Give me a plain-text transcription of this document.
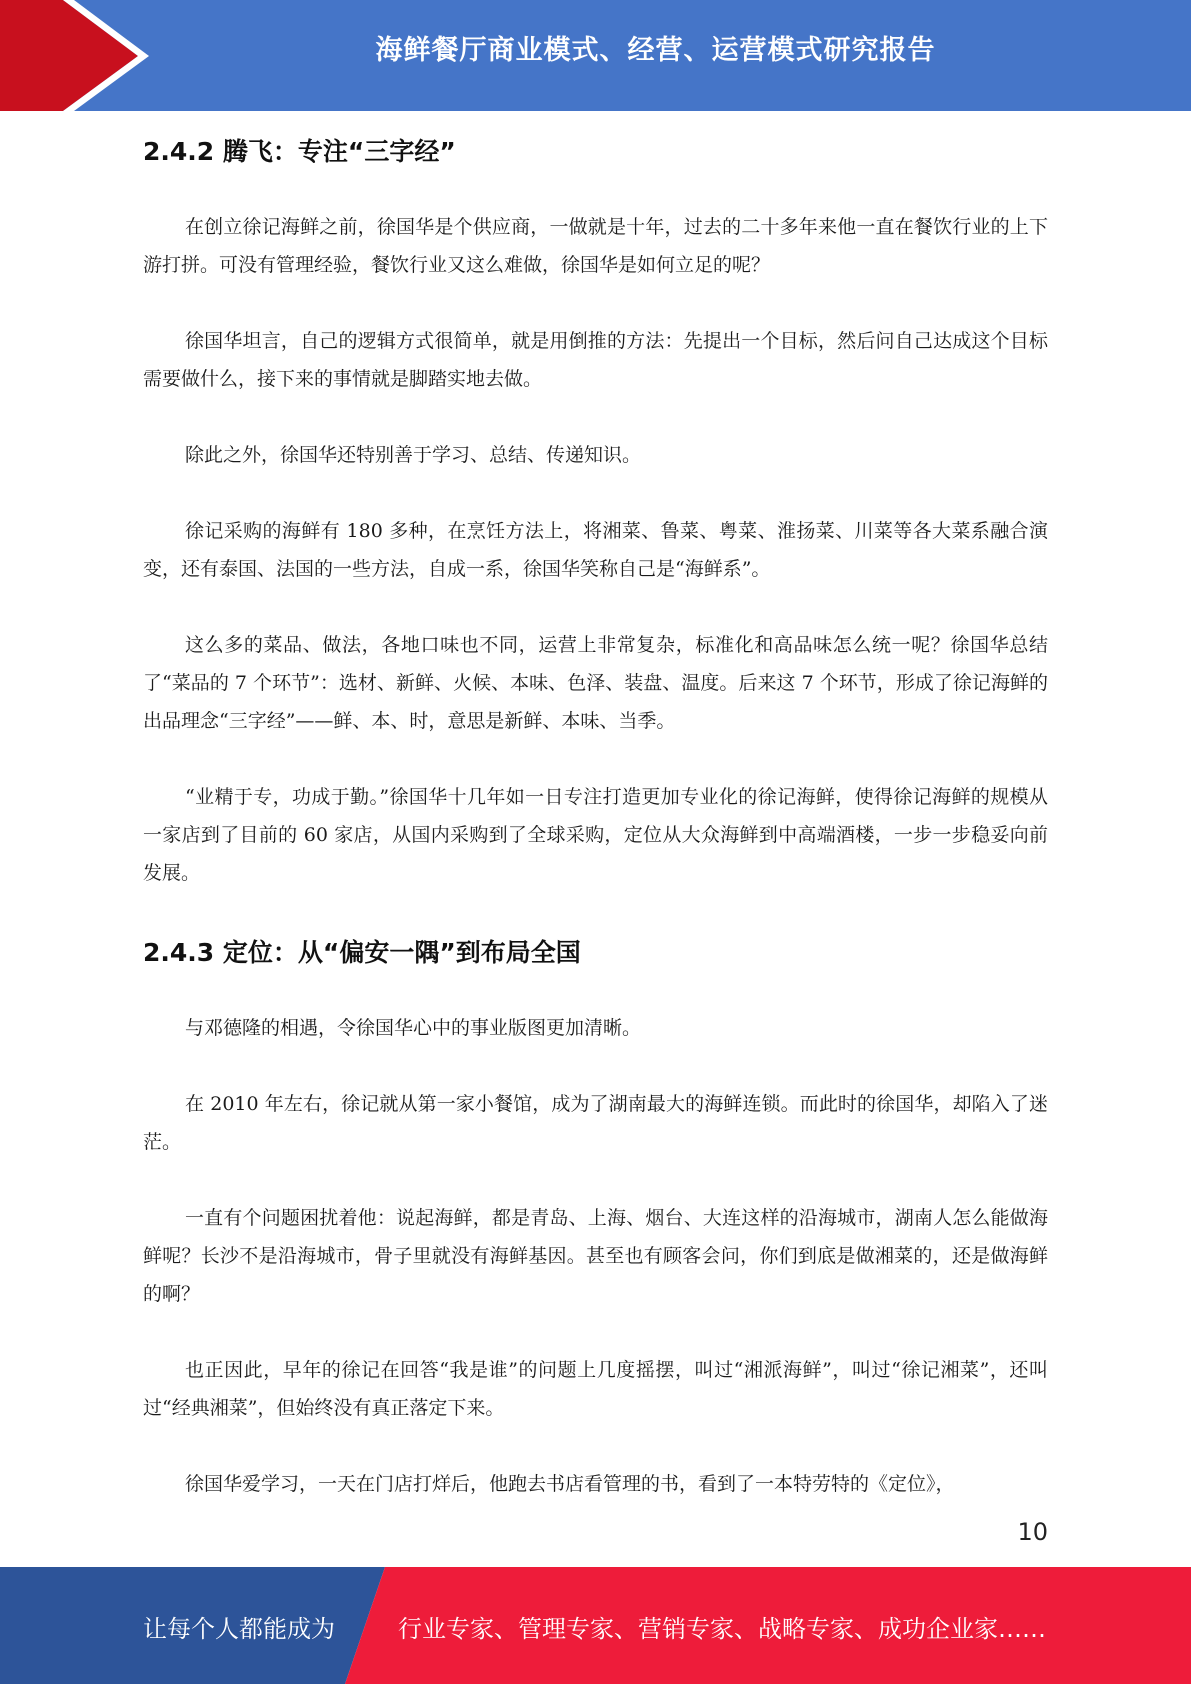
海鲜餐厅商业模式、经营、运营模式研究报告
2.4.2 腾飞：专注“三字经”

在创立徐记海鲜之前，徐国华是个供应商，一做就是十年，过去的二十多年来他一直在餐饮行业的上下游打拼。可没有管理经验，餐饮行业又这么难做，徐国华是如何立足的呢？

徐国华坦言，自己的逻辑方式很简单，就是用倒推的方法：先提出一个目标，然后问自己达成这个目标需要做什么，接下来的事情就是脚踏实地去做。

除此之外，徐国华还特别善于学习、总结、传递知识。

徐记采购的海鲜有 180 多种，在烹饪方法上，将湘菜、鲁菜、粤菜、淮扬菜、川菜等各大菜系融合演变，还有泰国、法国的一些方法，自成一系，徐国华笑称自己是“海鲜系”。

这么多的菜品、做法，各地口味也不同，运营上非常复杂，标准化和高品味怎么统一呢？徐国华总结了“菜品的 7 个环节”：选材、新鲜、火候、本味、色泽、装盘、温度。后来这 7 个环节，形成了徐记海鲜的出品理念“三字经”——鲜、本、时，意思是新鲜、本味、当季。

“业精于专，功成于勤。”徐国华十几年如一日专注打造更加专业化的徐记海鲜，使得徐记海鲜的规模从一家店到了目前的 60 家店，从国内采购到了全球采购，定位从大众海鲜到中高端酒楼，一步一步稳妥向前发展。

2.4.3 定位：从“偏安一隅”到布局全国

与邓德隆的相遇，令徐国华心中的事业版图更加清晰。

在 2010 年左右，徐记就从第一家小餐馆，成为了湖南最大的海鲜连锁。而此时的徐国华，却陷入了迷茫。

一直有个问题困扰着他：说起海鲜，都是青岛、上海、烟台、大连这样的沿海城市，湖南人怎么能做海鲜呢？长沙不是沿海城市，骨子里就没有海鲜基因。甚至也有顾客会问，你们到底是做湘菜的，还是做海鲜的啊？

也正因此，早年的徐记在回答“我是谁”的问题上几度摇摆，叫过“湘派海鲜”，叫过“徐记湘菜”，还叫过“经典湘菜”，但始终没有真正落定下来。

徐国华爱学习，一天在门店打烊后，他跑去书店看管理的书，看到了一本特劳特的《定位》，

10
让每个人都能成为	行业专家、管理专家、营销专家、战略专家、成功企业家……
